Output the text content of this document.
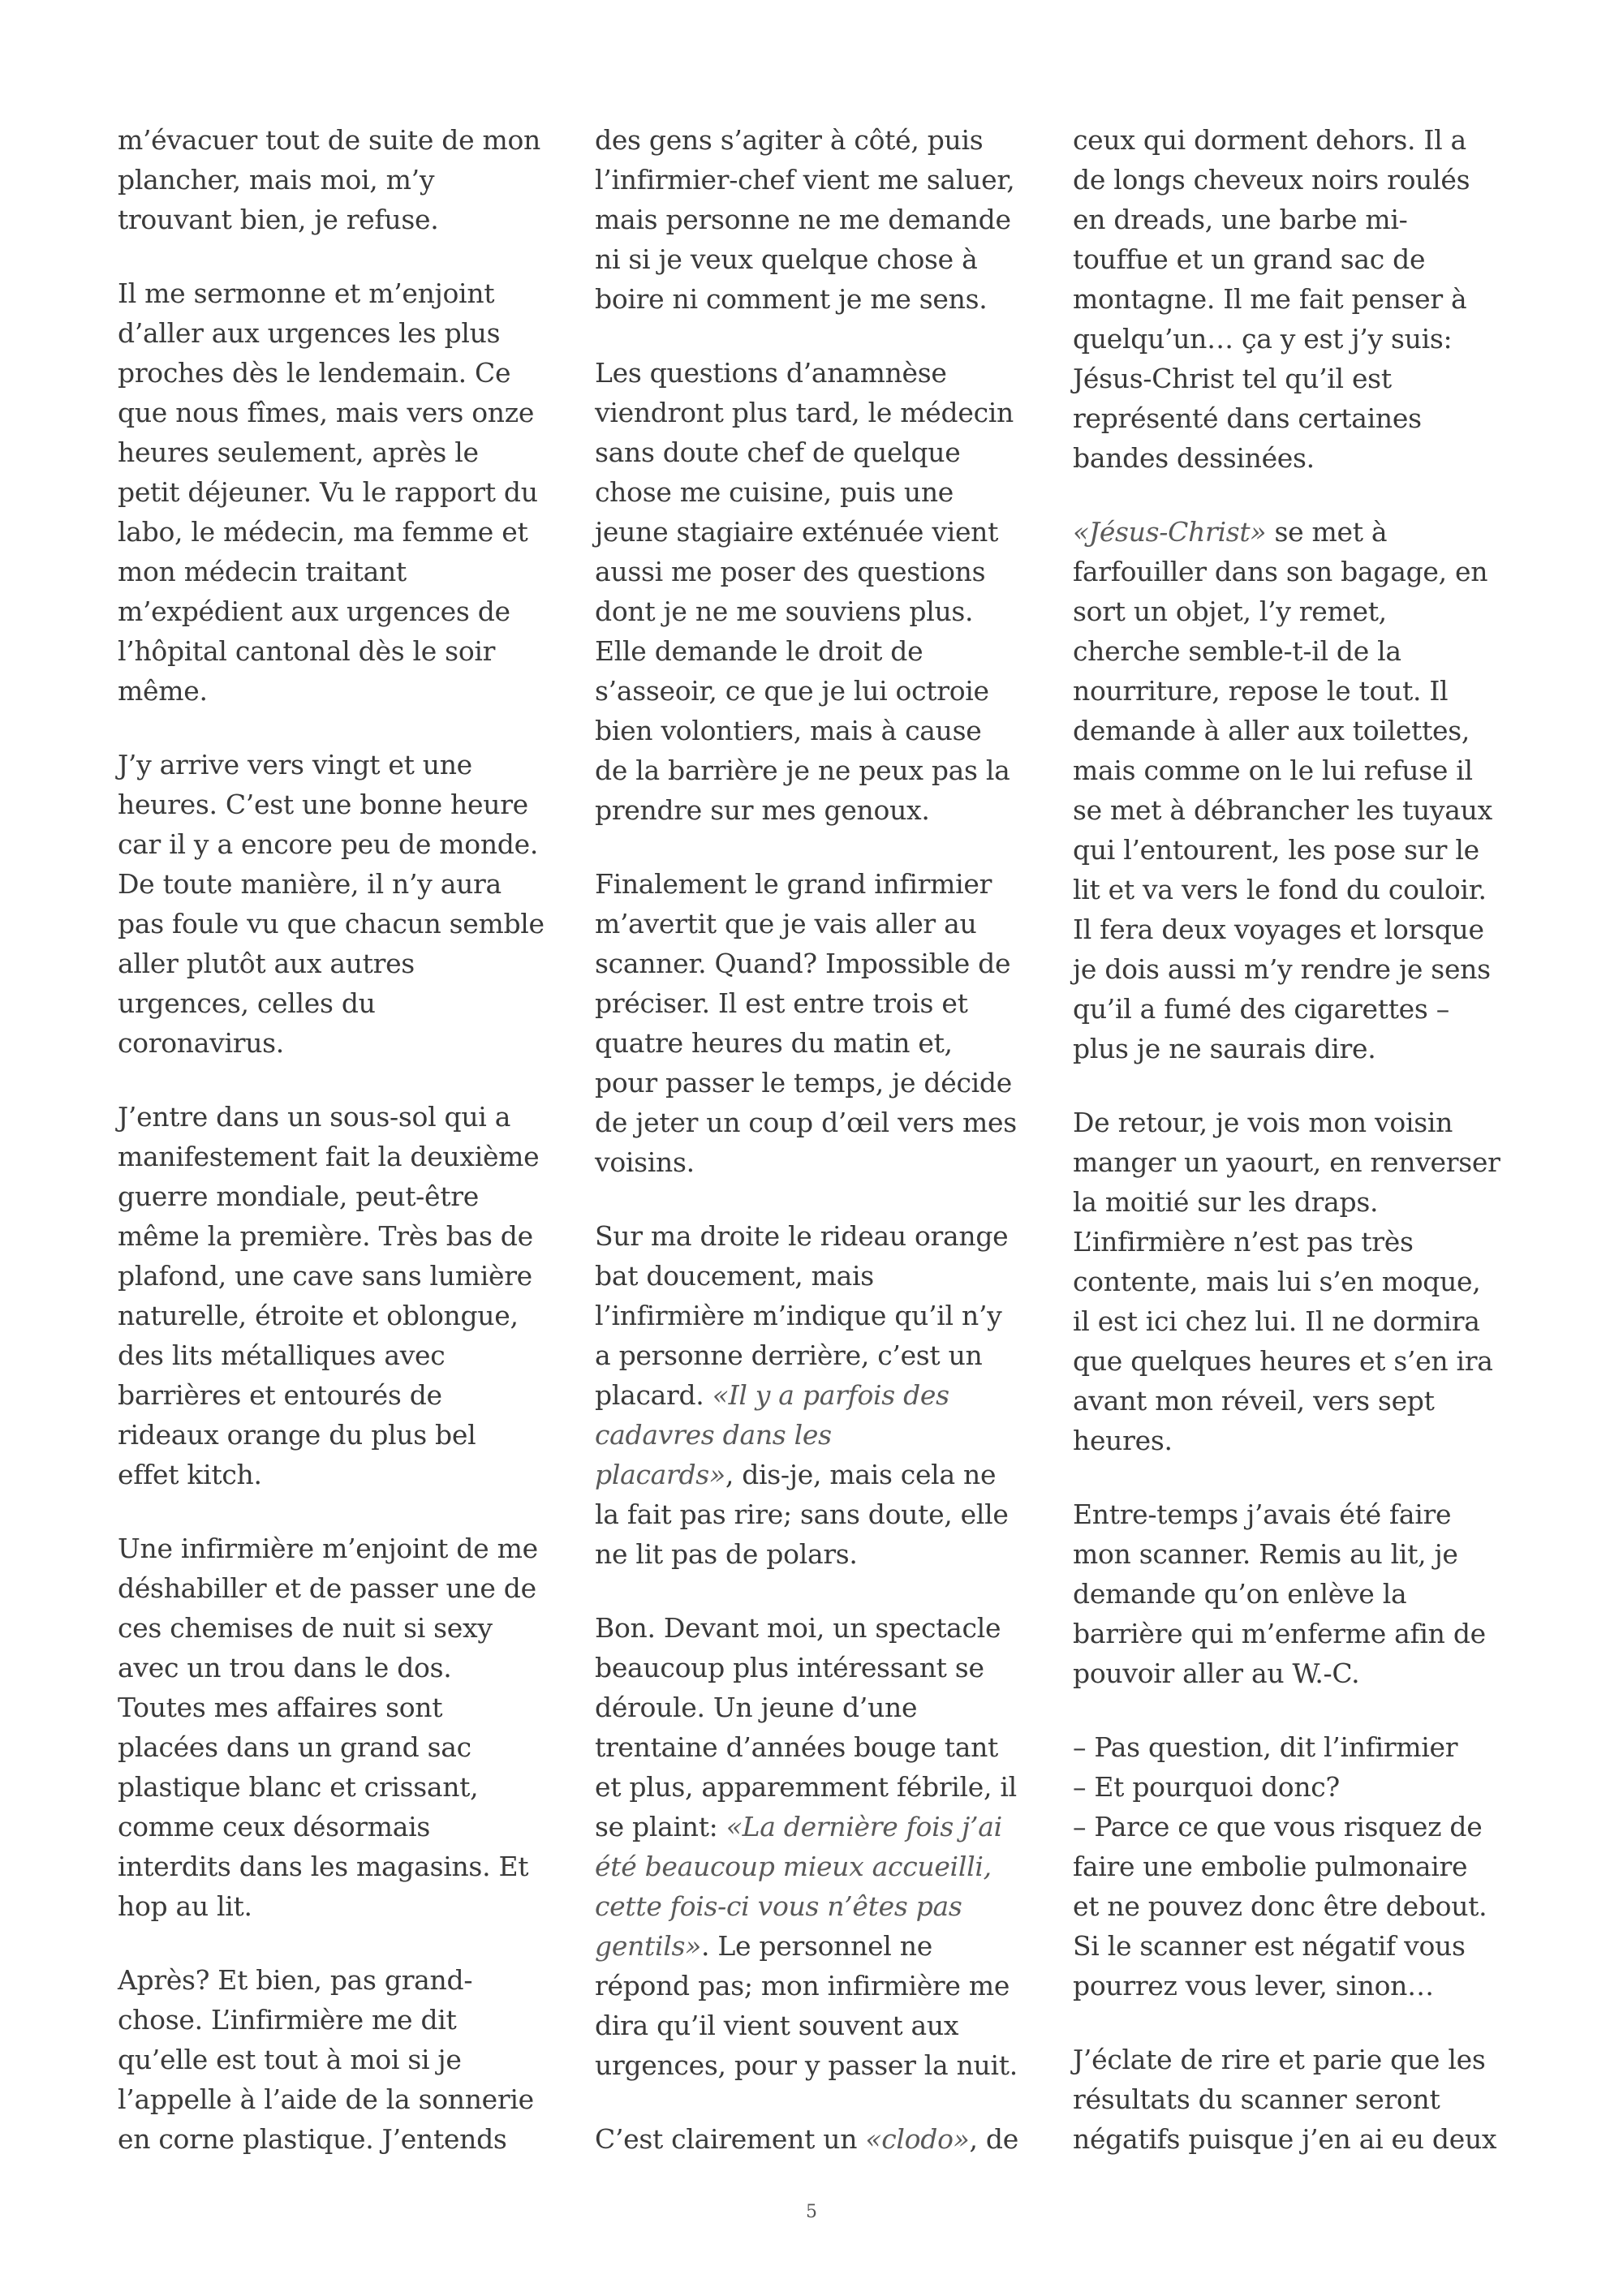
m’évacuer tout de suite de mon
plancher, mais moi, m’y
trouvant bien, je refuse.

Il me sermonne et m’enjoint
d’aller aux urgences les plus
proches dès le lendemain. Ce
que nous fîmes, mais vers onze
heures seulement, après le
petit déjeuner. Vu le rapport du
labo, le médecin, ma femme et
mon médecin traitant
m’expédient aux urgences de
l’hôpital cantonal dès le soir
même.

J’y arrive vers vingt et une
heures. C’est une bonne heure
car il y a encore peu de monde.
De toute manière, il n’y aura
pas foule vu que chacun semble
aller plutôt aux autres
urgences, celles du
coronavirus.

J’entre dans un sous-sol qui a
manifestement fait la deuxième
guerre mondiale, peut-être
même la première. Très bas de
plafond, une cave sans lumière
naturelle, étroite et oblongue,
des lits métalliques avec
barrières et entourés de
rideaux orange du plus bel
effet kitch.

Une infirmière m’enjoint de me
déshabiller et de passer une de
ces chemises de nuit si sexy
avec un trou dans le dos.
Toutes mes affaires sont
placées dans un grand sac
plastique blanc et crissant,
comme ceux désormais
interdits dans les magasins. Et
hop au lit.

Après? Et bien, pas grand-
chose. L’infirmière me dit
qu’elle est tout à moi si je
l’appelle à l’aide de la sonnerie
en corne plastique. J’entends

des gens s’agiter à côté, puis
l’infirmier-chef vient me saluer,
mais personne ne me demande
ni si je veux quelque chose à
boire ni comment je me sens.

Les questions d’anamnèse
viendront plus tard, le médecin
sans doute chef de quelque
chose me cuisine, puis une
jeune stagiaire exténuée vient
aussi me poser des questions
dont je ne me souviens plus.
Elle demande le droit de
s’asseoir, ce que je lui octroie
bien volontiers, mais à cause
de la barrière je ne peux pas la
prendre sur mes genoux.

Finalement le grand infirmier
m’avertit que je vais aller au
scanner. Quand? Impossible de
préciser. Il est entre trois et
quatre heures du matin et,
pour passer le temps, je décide
de jeter un coup d’œil vers mes
voisins.

Sur ma droite le rideau orange
bat doucement, mais
l’infirmière m’indique qu’il n’y
a personne derrière, c’est un
placard. «Il y a parfois des
cadavres dans les
placards», dis-je, mais cela ne
la fait pas rire; sans doute, elle
ne lit pas de polars.

Bon. Devant moi, un spectacle
beaucoup plus intéressant se
déroule. Un jeune d’une
trentaine d’années bouge tant
et plus, apparemment fébrile, il
se plaint: «La dernière fois j’ai
été beaucoup mieux accueilli,
cette fois-ci vous n’êtes pas
gentils». Le personnel ne
répond pas; mon infirmière me
dira qu’il vient souvent aux
urgences, pour y passer la nuit.

C’est clairement un «clodo», de

ceux qui dorment dehors. Il a
de longs cheveux noirs roulés
en dreads, une barbe mi-
touffue et un grand sac de
montagne. Il me fait penser à
quelqu’un… ça y est j’y suis:
Jésus-Christ tel qu’il est
représenté dans certaines
bandes dessinées.

«Jésus-Christ» se met à
farfouiller dans son bagage, en
sort un objet, l’y remet,
cherche semble-t-il de la
nourriture, repose le tout. Il
demande à aller aux toilettes,
mais comme on le lui refuse il
se met à débrancher les tuyaux
qui l’entourent, les pose sur le
lit et va vers le fond du couloir.
Il fera deux voyages et lorsque
je dois aussi m’y rendre je sens
qu’il a fumé des cigarettes –
plus je ne saurais dire.

De retour, je vois mon voisin
manger un yaourt, en renverser
la moitié sur les draps.
L’infirmière n’est pas très
contente, mais lui s’en moque,
il est ici chez lui. Il ne dormira
que quelques heures et s’en ira
avant mon réveil, vers sept
heures.

Entre-temps j’avais été faire
mon scanner. Remis au lit, je
demande qu’on enlève la
barrière qui m’enferme afin de
pouvoir aller au W.-C.

– Pas question, dit l’infirmier
– Et pourquoi donc?
– Parce ce que vous risquez de
faire une embolie pulmonaire
et ne pouvez donc être debout.
Si le scanner est négatif vous
pourrez vous lever, sinon…

J’éclate de rire et parie que les
résultats du scanner seront
négatifs puisque j’en ai eu deux

5
